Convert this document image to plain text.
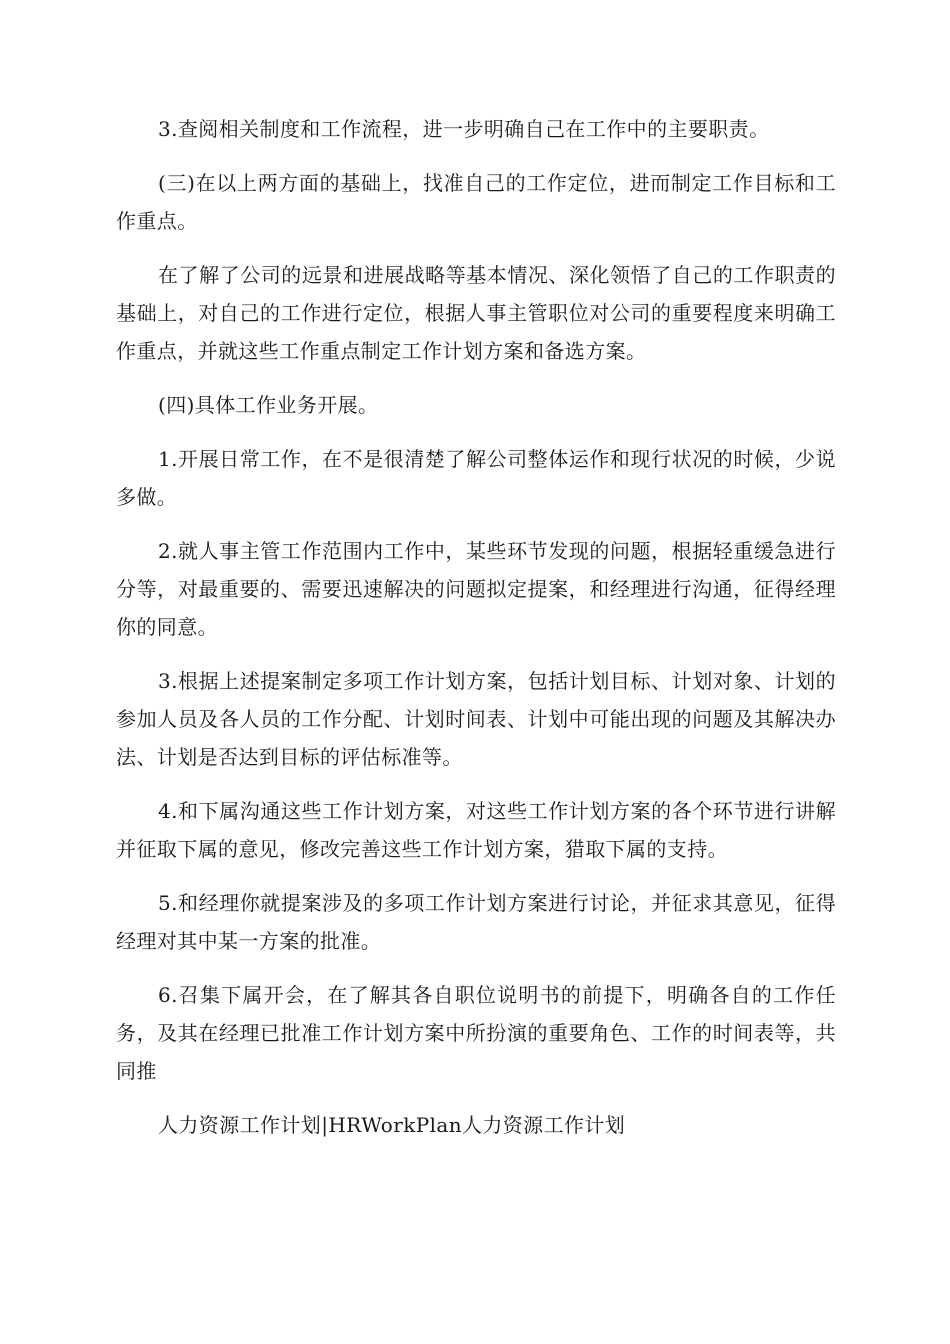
3.查阅相关制度和工作流程，进一步明确自己在工作中的主要职责。

(三)在以上两方面的基础上，找准自己的工作定位，进而制定工作目标和工作重点。

在了解了公司的远景和进展战略等基本情况、深化领悟了自己的工作职责的基础上，对自己的工作进行定位，根据人事主管职位对公司的重要程度来明确工作重点，并就这些工作重点制定工作计划方案和备选方案。

(四)具体工作业务开展。

1.开展日常工作，在不是很清楚了解公司整体运作和现行状况的时候，少说多做。

2.就人事主管工作范围内工作中，某些环节发现的问题，根据轻重缓急进行分等，对最重要的、需要迅速解决的问题拟定提案，和经理进行沟通，征得经理你的同意。

3.根据上述提案制定多项工作计划方案，包括计划目标、计划对象、计划的参加人员及各人员的工作分配、计划时间表、计划中可能出现的问题及其解决办法、计划是否达到目标的评估标准等。

4.和下属沟通这些工作计划方案，对这些工作计划方案的各个环节进行讲解并征取下属的意见，修改完善这些工作计划方案，猎取下属的支持。

5.和经理你就提案涉及的多项工作计划方案进行讨论，并征求其意见，征得经理对其中某一方案的批准。

6.召集下属开会，在了解其各自职位说明书的前提下，明确各自的工作任务，及其在经理已批准工作计划方案中所扮演的重要角色、工作的时间表等，共同推

人力资源工作计划|HRWorkPlan人力资源工作计划
